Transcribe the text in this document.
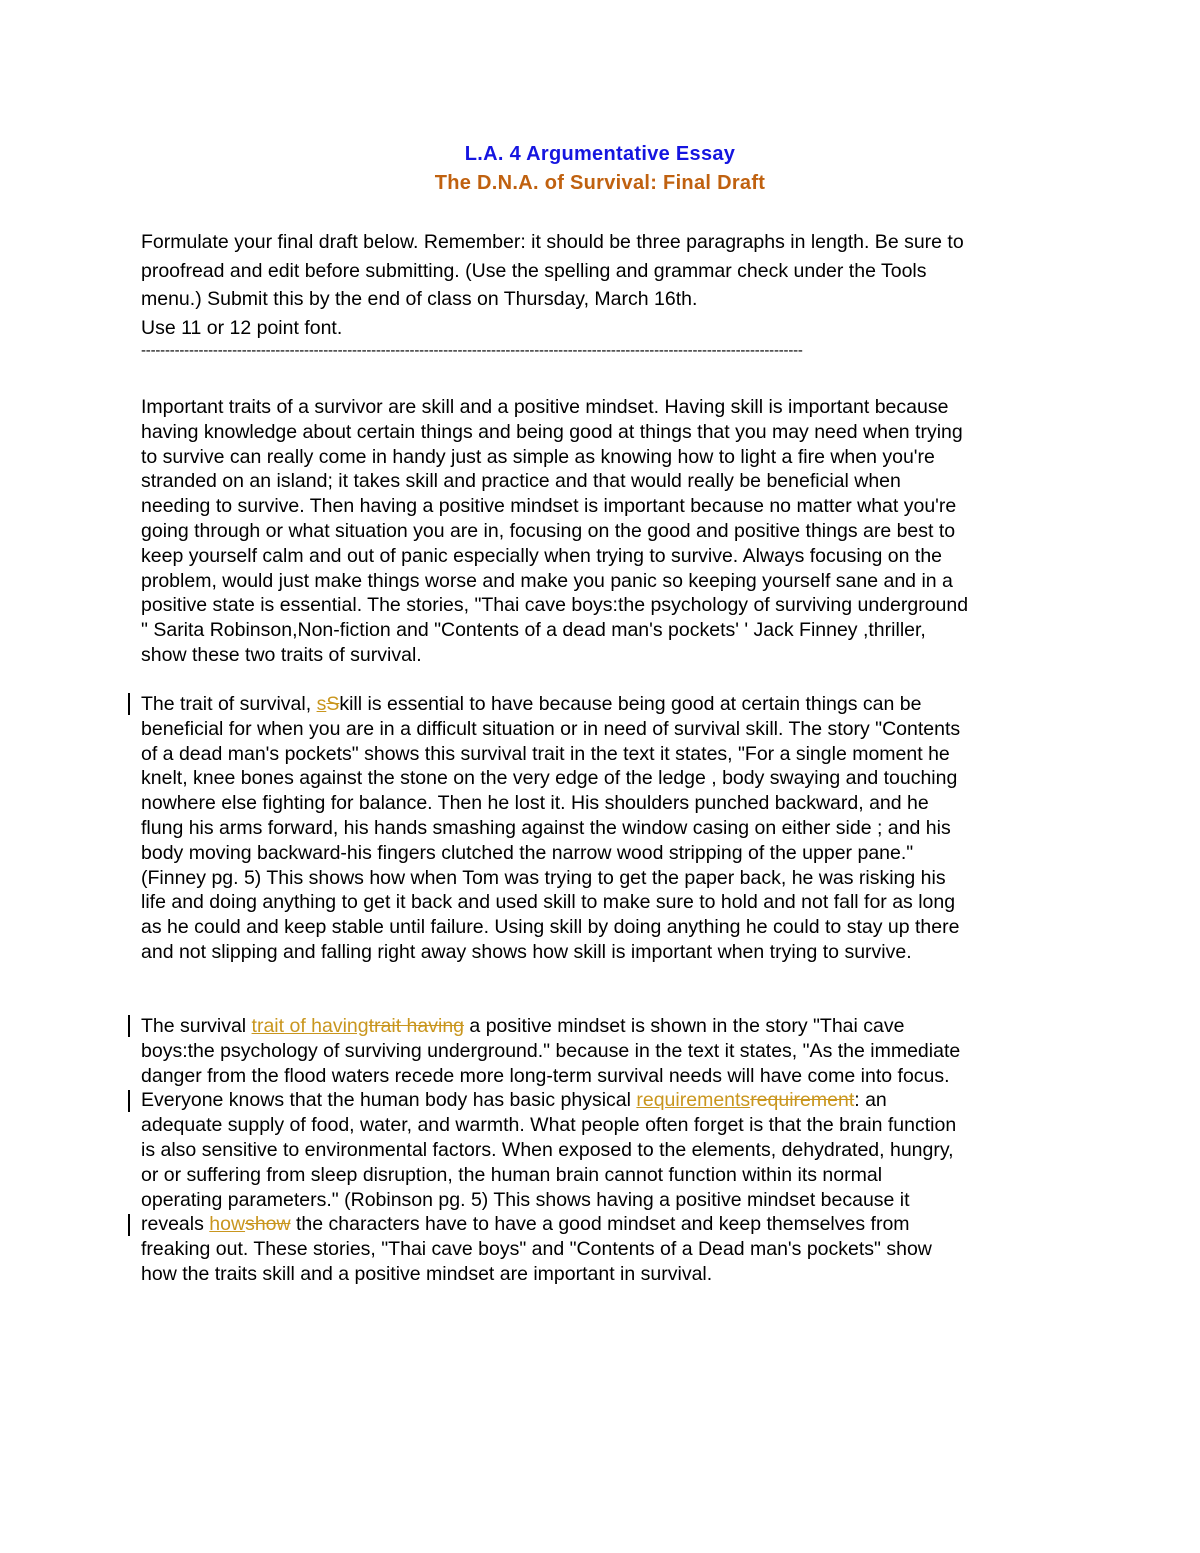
L.A. 4 Argumentative Essay
The D.N.A. of Survival: Final Draft
Formulate your final draft below. Remember: it should be three paragraphs in length. Be sure to
proofread and edit before submitting. (Use the spelling and grammar check under the Tools
menu.) Submit this by the end of class on Thursday, March 16th.
Use 11 or 12 point font.
------------------------------------------------------------------------------------------------------------------------------------------
Important traits of a survivor are skill and a positive mindset. Having skill is important because
having knowledge about certain things and being good at things that you may need when trying
to survive can really come in handy just as simple as knowing how to light a fire when you're
stranded on an island; it takes skill and practice and that would really be beneficial when
needing to survive. Then having a positive mindset is important because no matter what you're
going through or what situation you are in, focusing on the good and positive things are best to
keep yourself calm and out of panic especially when trying to survive. Always focusing on the
problem, would just make things worse and make you panic so keeping yourself sane and in a
positive state is essential. The stories, "Thai cave boys:the psychology of surviving underground
" Sarita Robinson,Non-fiction and "Contents of a dead man's pockets' ' Jack Finney ,thriller,
show these two traits of survival.
The trait of survival, sSkill is essential to have because being good at certain things can be
beneficial for when you are in a difficult situation or in need of survival skill. The story "Contents
of a dead man's pockets" shows this survival trait in the text it states, "For a single moment he
knelt, knee bones against the stone on the very edge of the ledge , body swaying and touching
nowhere else fighting for balance. Then he lost it. His shoulders punched backward, and he
flung his arms forward, his hands smashing against the window casing on either side ; and his
body moving backward-his fingers clutched the narrow wood stripping of the upper pane."
(Finney pg. 5) This shows how when Tom was trying to get the paper back, he was risking his
life and doing anything to get it back and used skill to make sure to hold and not fall for as long
as he could and keep stable until failure. Using skill by doing anything he could to stay up there
and not slipping and falling right away shows how skill is important when trying to survive.
The survival trait of havingtrait having a positive mindset is shown in the story "Thai cave
boys:the psychology of surviving underground." because in the text it states, "As the immediate
danger from the flood waters recede more long-term survival needs will have come into focus.
Everyone knows that the human body has basic physical requirementsrequirement: an
adequate supply of food, water, and warmth. What people often forget is that the brain function
is also sensitive to environmental factors. When exposed to the elements, dehydrated, hungry,
or or suffering from sleep disruption, the human brain cannot function within its normal
operating parameters." (Robinson pg. 5) This shows having a positive mindset because it
reveals howshow the characters have to have a good mindset and keep themselves from
freaking out. These stories, "Thai cave boys" and "Contents of a Dead man's pockets" show
how the traits skill and a positive mindset are important in survival.
